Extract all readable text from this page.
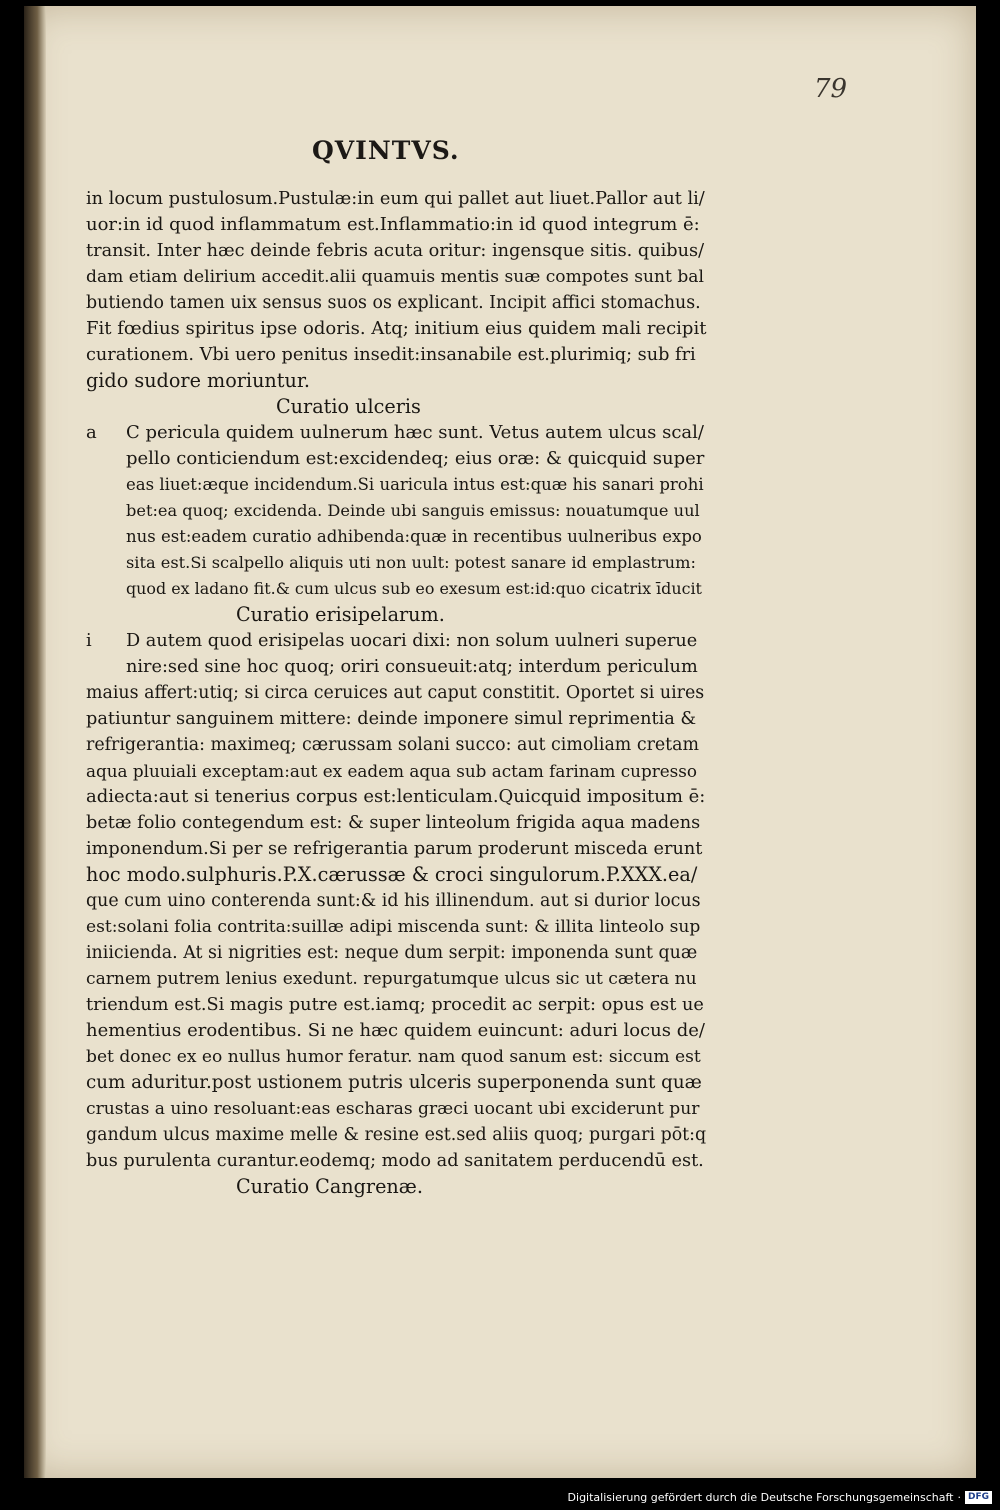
79
QVINTVS.
in locum pustulosum.Pustulæ:in eum qui pallet aut liuet.Pallor aut li/
uor:in id quod inflammatum est.Inflammatio:in id quod integrum ē:
transit. Inter hæc deinde febris acuta oritur: ingensque sitis. quibus/
dam etiam delirium accedit.alii quamuis mentis suæ compotes sunt bal
butiendo tamen uix sensus suos os explicant. Incipit affici stomachus.
Fit fœdius spiritus ipse odoris. Atq; initium eius quidem mali recipit
curationem. Vbi uero penitus insedit:insanabile est.plurimiq; sub fri
gido sudore moriuntur.
Curatio ulceris
a C pericula quidem uulnerum hæc sunt. Vetus autem ulcus scal/
pello conticiendum est:excidendeq; eius oræ: & quicquid super
eas liuet:æque incidendum.Si uaricula intus est:quæ his sanari prohi
bet:ea quoq; excidenda. Deinde ubi sanguis emissus: nouatumque uul
nus est:eadem curatio adhibenda:quæ in recentibus uulneribus expo
sita est.Si scalpello aliquis uti non uult: potest sanare id emplastrum:
quod ex ladano fit.& cum ulcus sub eo exesum est:id:quo cicatrix īducit
Curatio erisipelarum.
i D autem quod erisipelas uocari dixi: non solum uulneri superue
nire:sed sine hoc quoq; oriri consueuit:atq; interdum periculum
maius affert:utiq; si circa ceruices aut caput constitit. Oportet si uires
patiuntur sanguinem mittere: deinde imponere simul reprimentia &
refrigerantia: maximeq; cærussam solani succo: aut cimoliam cretam
aqua pluuiali exceptam:aut ex eadem aqua sub actam farinam cupresso
adiecta:aut si tenerius corpus est:lenticulam.Quicquid impositum ē:
betæ folio contegendum est: & super linteolum frigida aqua madens
imponendum.Si per se refrigerantia parum proderunt misceda erunt
hoc modo.sulphuris.P.X.cærussæ & croci singulorum.P.XXX.ea/
que cum uino conterenda sunt:& id his illinendum. aut si durior locus
est:solani folia contrita:suillæ adipi miscenda sunt: & illita linteolo sup
iniicienda. At si nigrities est: neque dum serpit: imponenda sunt quæ
carnem putrem lenius exedunt. repurgatumque ulcus sic ut cætera nu
triendum est.Si magis putre est.iamq; procedit ac serpit: opus est ue
hementius erodentibus. Si ne hæc quidem euincunt: aduri locus de/
bet donec ex eo nullus humor feratur. nam quod sanum est: siccum est
cum aduritur.post ustionem putris ulceris superponenda sunt quæ
crustas a uino resoluant:eas escharas græci uocant ubi exciderunt pur
gandum ulcus maxime melle & resine est.sed aliis quoq; purgari pōt:q
bus purulenta curantur.eodemq; modo ad sanitatem perducendū est.
Curatio Cangrenæ.
Digitalisierung gefördert durch die Deutsche Forschungsgemeinschaft · DFG
